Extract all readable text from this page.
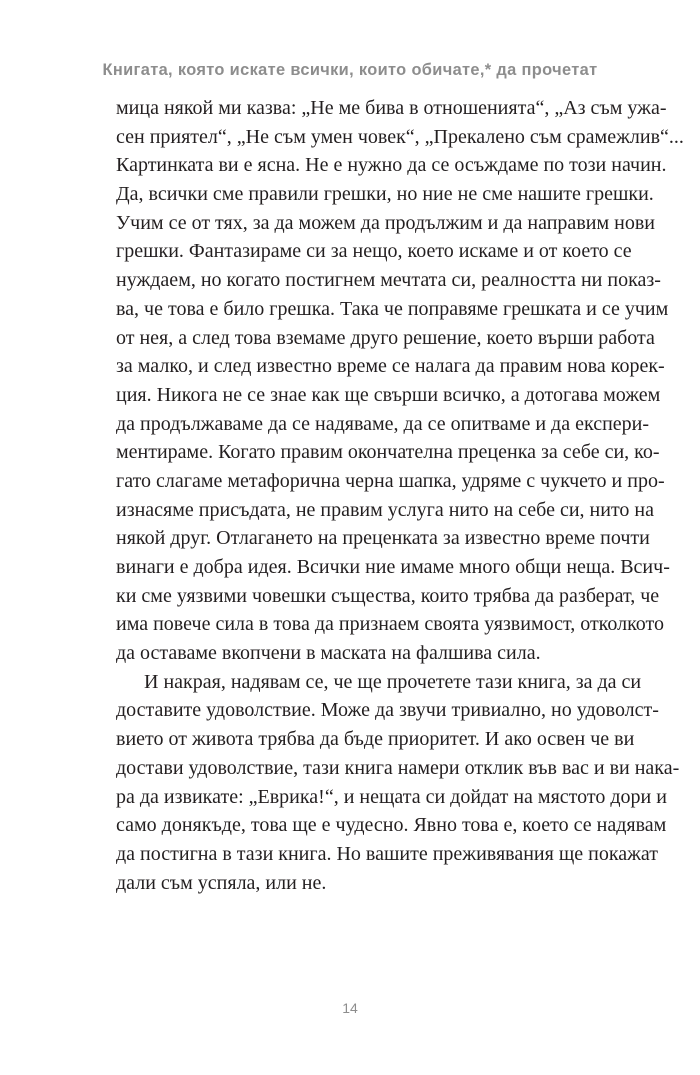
Книгата, която искате всички, които обичате,* да прочетат
мица някой ми казва: „Не ме бива в отношенията“, „Аз съм ужа-
сен приятел“, „Не съм умен човек“, „Прекалено съм срамежлив“...
Картинката ви е ясна. Не е нужно да се осъждаме по този начин.
Да, всички сме правили грешки, но ние не сме нашите грешки.
Учим се от тях, за да можем да продължим и да направим нови
грешки. Фантазираме си за нещо, което искаме и от което се
нуждаем, но когато постигнем мечтата си, реалността ни показ-
ва, че това е било грешка. Така че поправяме грешката и се учим
от нея, а след това вземаме друго решение, което върши работа
за малко, и след известно време се налага да правим нова корек-
ция. Никога не се знае как ще свърши всичко, а дотогава можем
да продължаваме да се надяваме, да се опитваме и да експери-
ментираме. Когато правим окончателна преценка за себе си, ко-
гато слагаме метафорична черна шапка, удряме с чукчето и про-
изнасяме присъдата, не правим услуга нито на себе си, нито на
някой друг. Отлагането на преценката за известно време почти
винаги е добра идея. Всички ние имаме много общи неща. Всич-
ки сме уязвими човешки същества, които трябва да разберат, че
има повече сила в това да признаем своята уязвимост, отколкото
да оставаме вкопчени в маската на фалшива сила.
И накрая, надявам се, че ще прочетете тази книга, за да си
доставите удоволствие. Може да звучи тривиално, но удоволст-
вието от живота трябва да бъде приоритет. И ако освен че ви
достави удоволствие, тази книга намери отклик във вас и ви нака-
ра да извикате: „Еврика!“, и нещата си дойдат на мястото дори и
само донякъде, това ще е чудесно. Явно това е, което се надявам
да постигна в тази книга. Но вашите преживявания ще покажат
дали съм успяла, или не.
14
